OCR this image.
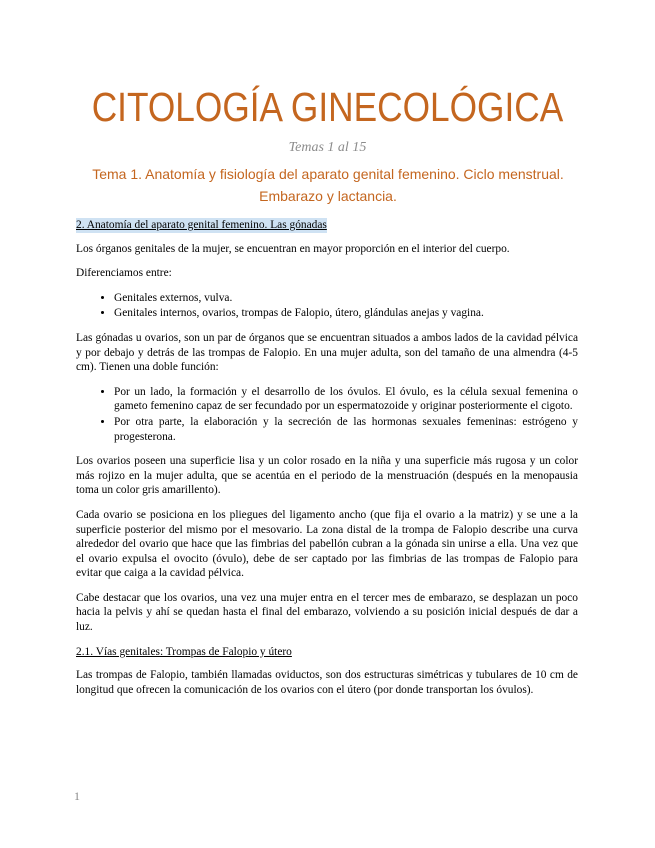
CITOLOGÍA GINECOLÓGICA
Temas 1 al 15
Tema 1. Anatomía y fisiología del aparato genital femenino. Ciclo menstrual. Embarazo y lactancia.
2. Anatomía del aparato genital femenino. Las gónadas

Los órganos genitales de la mujer, se encuentran en mayor proporción en el interior del cuerpo.

Diferenciamos entre:

• Genitales externos, vulva.
• Genitales internos, ovarios, trompas de Falopio, útero, glándulas anejas y vagina.

Las gónadas u ovarios, son un par de órganos que se encuentran situados a ambos lados de la cavidad pélvica y por debajo y detrás de las trompas de Falopio. En una mujer adulta, son del tamaño de una almendra (4-5 cm). Tienen una doble función:

• Por un lado, la formación y el desarrollo de los óvulos. El óvulo, es la célula sexual femenina o gameto femenino capaz de ser fecundado por un espermatozoide y originar posteriormente el cigoto.
• Por otra parte, la elaboración y la secreción de las hormonas sexuales femeninas: estrógeno y progesterona.

Los ovarios poseen una superficie lisa y un color rosado en la niña y una superficie más rugosa y un color más rojizo en la mujer adulta, que se acentúa en el periodo de la menstruación (después en la menopausia toma un color gris amarillento).

Cada ovario se posiciona en los pliegues del ligamento ancho (que fija el ovario a la matriz) y se une a la superficie posterior del mismo por el mesovario. La zona distal de la trompa de Falopio describe una curva alrededor del ovario que hace que las fimbrias del pabellón cubran a la gónada sin unirse a ella. Una vez que el ovario expulsa el ovocito (óvulo), debe de ser captado por las fimbrias de las trompas de Falopio para evitar que caiga a la cavidad pélvica.

Cabe destacar que los ovarios, una vez una mujer entra en el tercer mes de embarazo, se desplazan un poco hacia la pelvis y ahí se quedan hasta el final del embarazo, volviendo a su posición inicial después de dar a luz.

2.1. Vías genitales: Trompas de Falopio y útero

Las trompas de Falopio, también llamadas oviductos, son dos estructuras simétricas y tubulares de 10 cm de longitud que ofrecen la comunicación de los ovarios con el útero (por donde transportan los óvulos).

1
